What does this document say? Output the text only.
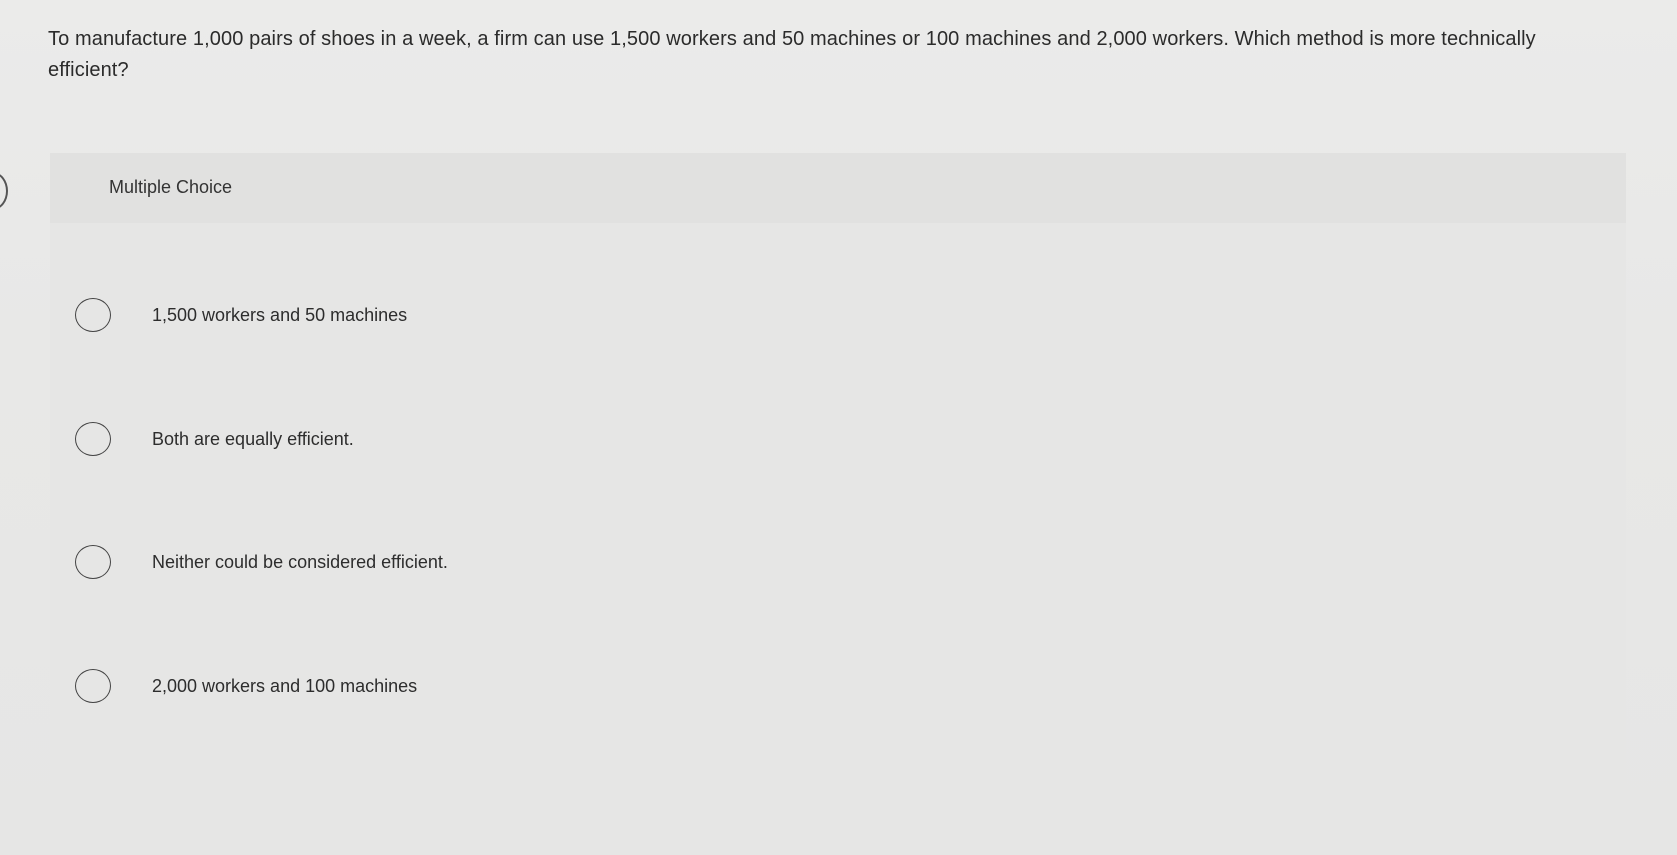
To manufacture 1,000 pairs of shoes in a week, a firm can use 1,500 workers and 50 machines or 100 machines and 2,000 workers. Which method is more technically efficient?
Multiple Choice
1,500 workers and 50 machines
Both are equally efficient.
Neither could be considered efficient.
2,000 workers and 100 machines
